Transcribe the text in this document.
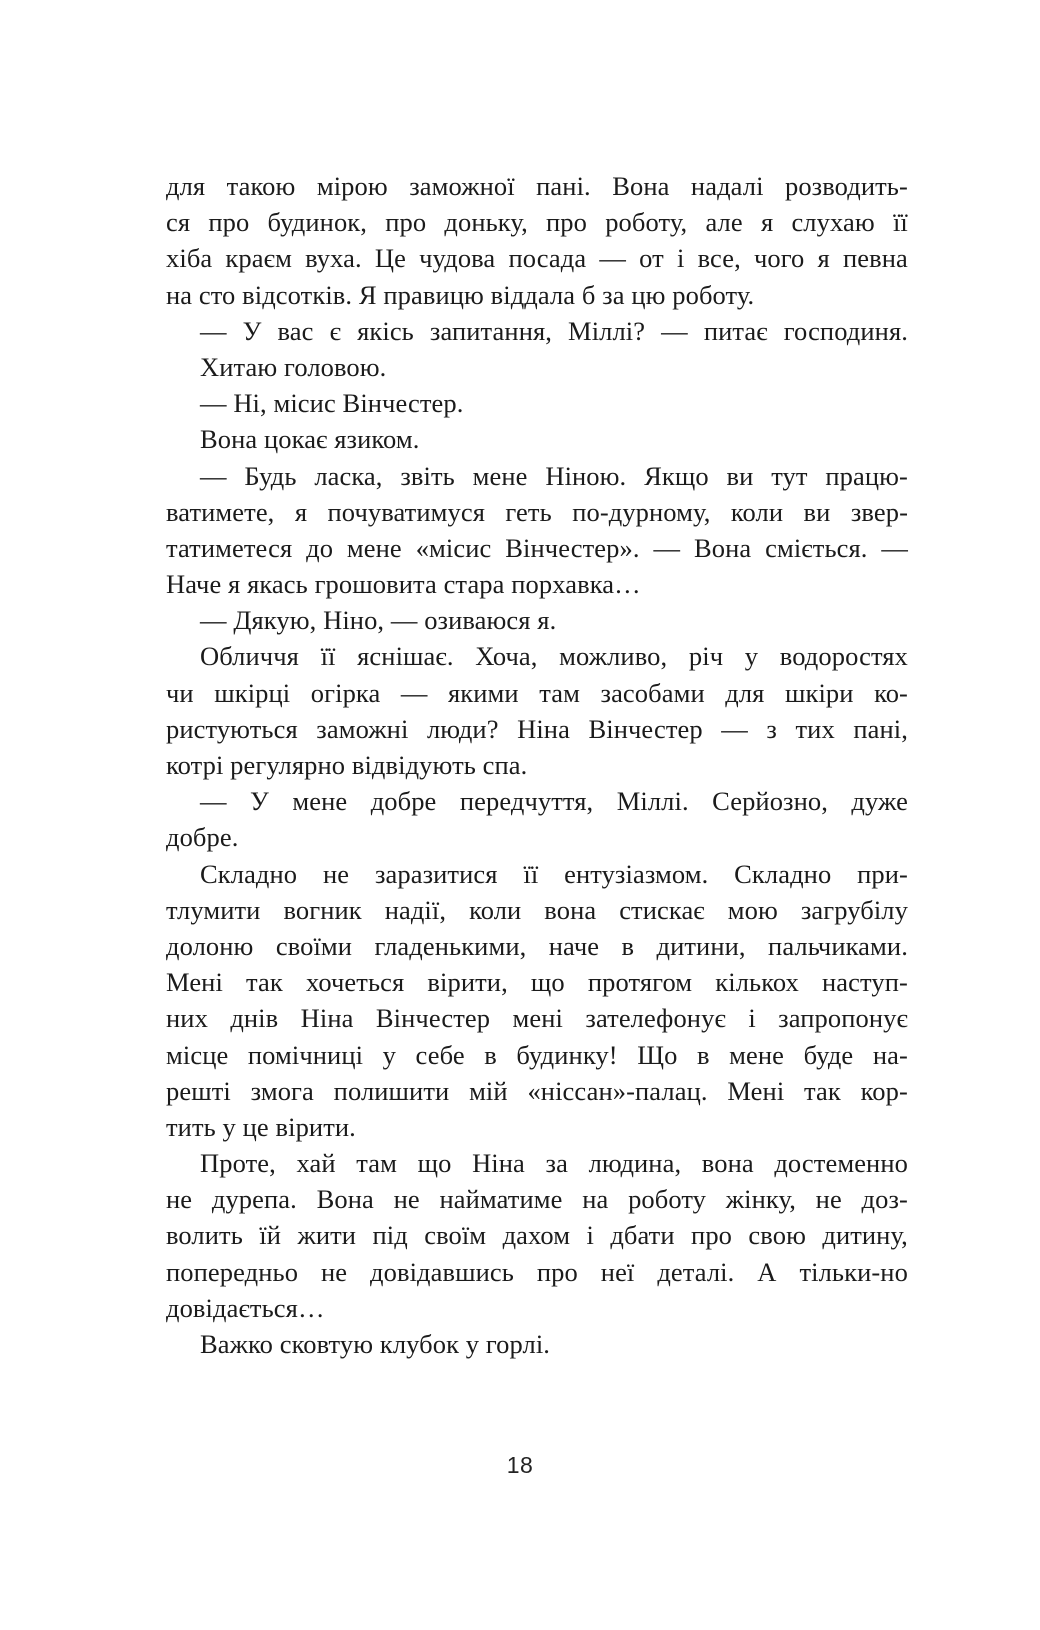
для такою мірою заможної пані. Вона надалі розводить-
ся про будинок, про доньку, про роботу, але я слухаю її
хіба краєм вуха. Це чудова посада — от і все, чого я певна
на сто відсотків. Я правицю віддала б за цю роботу.
— У вас є якісь запитання, Міллі? — питає господиня.
Хитаю головою.
— Ні, місис Вінчестер.
Вона цокає язиком.
— Будь ласка, звіть мене Ніною. Якщо ви тут працю-
ватимете, я почуватимуся геть по-дурному, коли ви звер-
татиметеся до мене «місис Вінчестер». — Вона сміється. —
Наче я якась грошовита стара порхавка…
— Дякую, Ніно, — озиваюся я.
Обличчя її яснішає. Хоча, можливо, річ у водоростях
чи шкірці огірка — якими там засобами для шкіри ко-
ристуються заможні люди? Ніна Вінчестер — з тих пані,
котрі регулярно відвідують спа.
— У мене добре передчуття, Міллі. Серйозно, дуже
добре.
Складно не заразитися її ентузіазмом. Складно при-
тлумити вогник надії, коли вона стискає мою загрубілу
долоню своїми гладенькими, наче в дитини, пальчиками.
Мені так хочеться вірити, що протягом кількох наступ-
них днів Ніна Вінчестер мені зателефонує і запропонує
місце помічниці у себе в будинку! Що в мене буде на-
решті змога полишити мій «ніссан»-палац. Мені так кор-
тить у це вірити.
Проте, хай там що Ніна за людина, вона достеменно
не дурепа. Вона не найматиме на роботу жінку, не доз-
волить їй жити під своїм дахом і дбати про свою дитину,
попередньо не довідавшись про неї деталі. А тільки-но
довідається…
Важко сковтую клубок у горлі.
18
